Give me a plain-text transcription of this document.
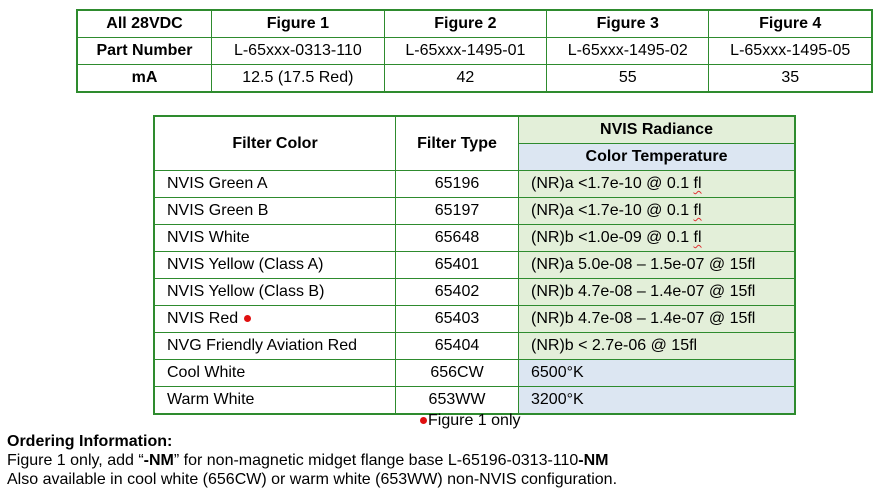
All 28VDC	Figure 1	Figure 2	Figure 3	Figure 4
Part Number	L-65xxx-0313-110	L-65xxx-1495-01	L-65xxx-1495-02	L-65xxx-1495-05
mA	12.5 (17.5 Red)	42	55	35
Filter Color	Filter Type	NVIS Radiance
		Color Temperature
NVIS Green A	65196	(NR)a <1.7e-10 @ 0.1 fl
NVIS Green B	65197	(NR)a <1.7e-10 @ 0.1 fl
NVIS White	65648	(NR)b <1.0e-09 @ 0.1 fl
NVIS Yellow (Class A)	65401	(NR)a 5.0e-08 – 1.5e-07 @ 15fl
NVIS Yellow (Class B)	65402	(NR)b 4.7e-08 – 1.4e-07 @ 15fl
NVIS Red	65403	(NR)b 4.7e-08 – 1.4e-07 @ 15fl
NVG Friendly Aviation Red	65404	(NR)b < 2.7e-06 @ 15fl
Cool White	656CW	6500°K
Warm White	653WW	3200°K
Figure 1 only
Ordering Information:
Figure 1 only, add “-NM” for non-magnetic midget flange base L-65196-0313-110-NM
Also available in cool white (656CW) or warm white (653WW) non-NVIS configuration.
